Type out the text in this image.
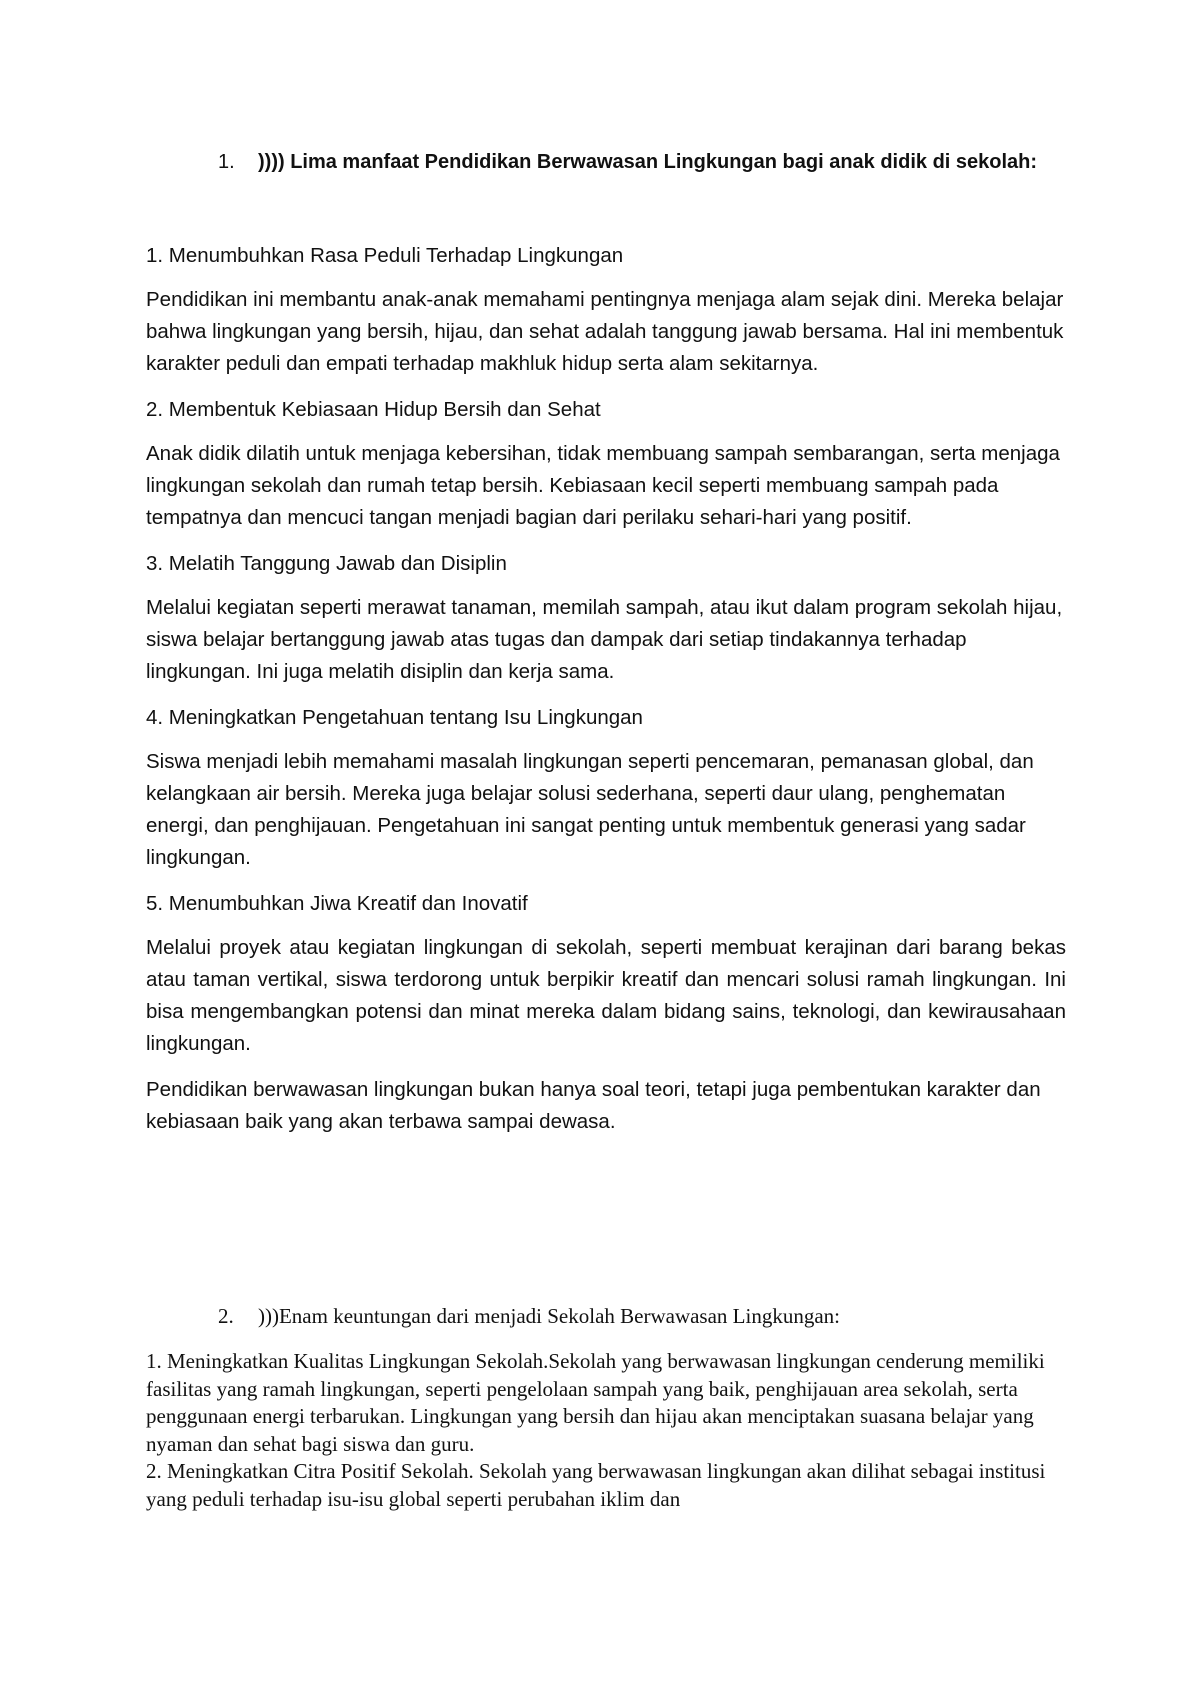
1. )))) Lima manfaat Pendidikan Berwawasan Lingkungan bagi anak didik di sekolah:

1. Menumbuhkan Rasa Peduli Terhadap Lingkungan

Pendidikan ini membantu anak-anak memahami pentingnya menjaga alam sejak dini. Mereka belajar bahwa lingkungan yang bersih, hijau, dan sehat adalah tanggung jawab bersama. Hal ini membentuk karakter peduli dan empati terhadap makhluk hidup serta alam sekitarnya.

2. Membentuk Kebiasaan Hidup Bersih dan Sehat

Anak didik dilatih untuk menjaga kebersihan, tidak membuang sampah sembarangan, serta menjaga lingkungan sekolah dan rumah tetap bersih. Kebiasaan kecil seperti membuang sampah pada tempatnya dan mencuci tangan menjadi bagian dari perilaku sehari-hari yang positif.

3. Melatih Tanggung Jawab dan Disiplin

Melalui kegiatan seperti merawat tanaman, memilah sampah, atau ikut dalam program sekolah hijau, siswa belajar bertanggung jawab atas tugas dan dampak dari setiap tindakannya terhadap lingkungan. Ini juga melatih disiplin dan kerja sama.

4. Meningkatkan Pengetahuan tentang Isu Lingkungan

Siswa menjadi lebih memahami masalah lingkungan seperti pencemaran, pemanasan global, dan kelangkaan air bersih. Mereka juga belajar solusi sederhana, seperti daur ulang, penghematan energi, dan penghijauan. Pengetahuan ini sangat penting untuk membentuk generasi yang sadar lingkungan.

5. Menumbuhkan Jiwa Kreatif dan Inovatif

Melalui proyek atau kegiatan lingkungan di sekolah, seperti membuat kerajinan dari barang bekas atau taman vertikal, siswa terdorong untuk berpikir kreatif dan mencari solusi ramah lingkungan. Ini bisa mengembangkan potensi dan minat mereka dalam bidang sains, teknologi, dan kewirausahaan lingkungan.

Pendidikan berwawasan lingkungan bukan hanya soal teori, tetapi juga pembentukan karakter dan kebiasaan baik yang akan terbawa sampai dewasa.

2. )))Enam keuntungan dari menjadi Sekolah Berwawasan Lingkungan:

1. Meningkatkan Kualitas Lingkungan Sekolah.Sekolah yang berwawasan lingkungan cenderung memiliki fasilitas yang ramah lingkungan, seperti pengelolaan sampah yang baik, penghijauan area sekolah, serta penggunaan energi terbarukan. Lingkungan yang bersih dan hijau akan menciptakan suasana belajar yang nyaman dan sehat bagi siswa dan guru.

2. Meningkatkan Citra Positif Sekolah. Sekolah yang berwawasan lingkungan akan dilihat sebagai institusi yang peduli terhadap isu-isu global seperti perubahan iklim dan
